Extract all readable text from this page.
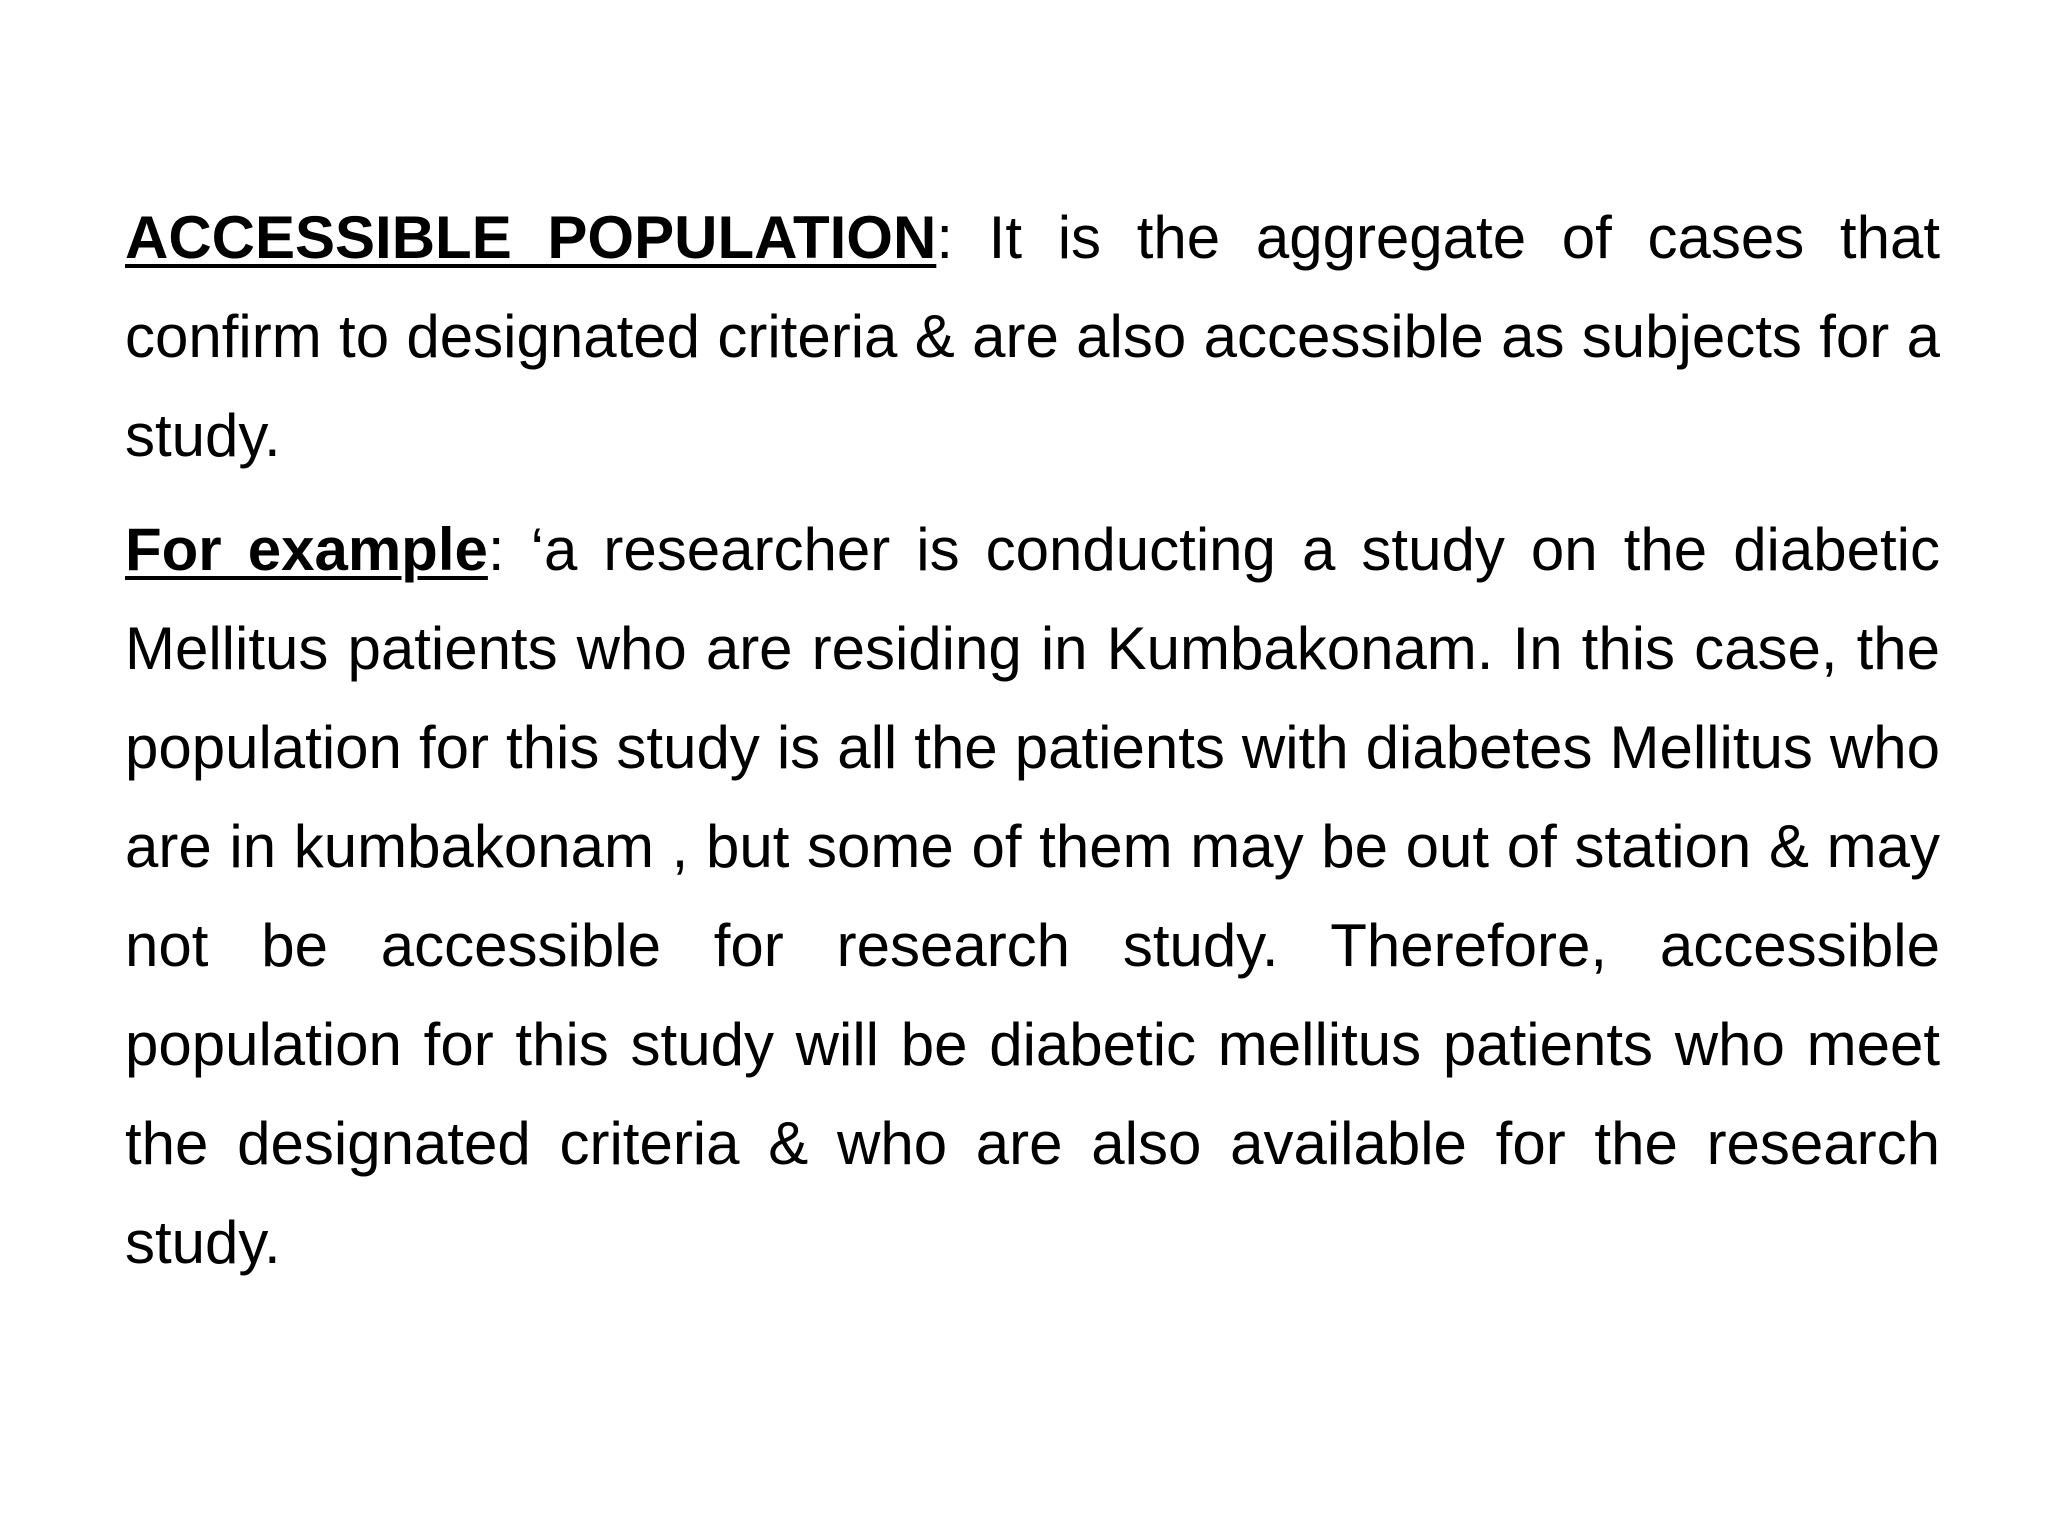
ACCESSIBLE POPULATION: It is the aggregate of cases that confirm to designated criteria & are also accessible as subjects for a study.

For example: ‘a researcher is conducting a study on the diabetic Mellitus patients who are residing in Kumbakonam. In this case, the population for this study is all the patients with diabetes Mellitus who are in kumbakonam , but some of them may be out of station & may not be accessible for research study. Therefore, accessible population for this study will be diabetic mellitus patients who meet the designated criteria & who are also available for the research study.
